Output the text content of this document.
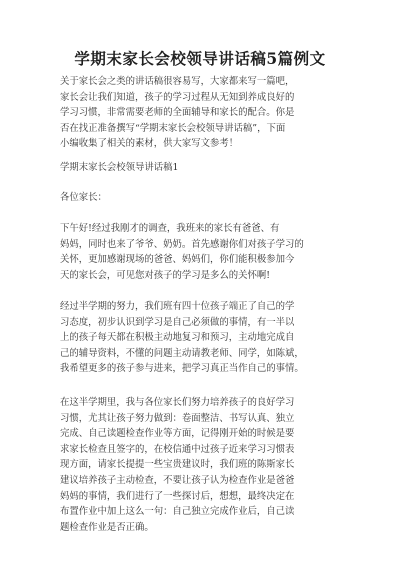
学期末家长会校领导讲话稿5篇例文
关于家长会之类的讲话稿很容易写，大家都来写一篇吧，
家长会让我们知道，孩子的学习过程从无知到养成良好的
学习习惯，非常需要老师的全面辅导和家长的配合。你是
否在找正准备撰写“学期末家长会校领导讲话稿”，下面
小编收集了相关的素材，供大家写文参考！
学期末家长会校领导讲话稿1
各位家长：
下午好!经过我刚才的调查，我班来的家长有爸爸、有
妈妈，同时也来了爷爷、奶奶。首先感谢你们对孩子学习的
关怀，更加感谢现场的爸爸、妈妈们，你们能积极参加今
天的家长会，可见您对孩子的学习是多么的关怀啊!
经过半学期的努力，我们班有四十位孩子端正了自己的学
习态度，初步认识到学习是自己必须做的事情，有一半以
上的孩子每天都在积极主动地复习和预习，主动地完成自
己的辅导资料，不懂的问题主动请教老师、同学，如陈斌，
我希望更多的孩子参与进来，把学习真正当作自己的事情。
在这半学期里，我与各位家长们努力培养孩子的良好学习
习惯，尤其让孩子努力做到：卷面整洁、书写认真、独立
完成、自己读题检查作业等方面，记得刚开始的时候是要
求家长检查且签字的，在校信通中过孩子近来学习习惯表
现方面，请家长提提一些宝贵建议时，我们班的陈斯家长
建议培养孩子主动检查，不要让孩子认为检查作业是爸爸
妈妈的事情，我们进行了一些探讨后，想想，最终决定在
布置作业中加上这么一句：自己独立完成作业后，自己读
题检查作业是否正确。
